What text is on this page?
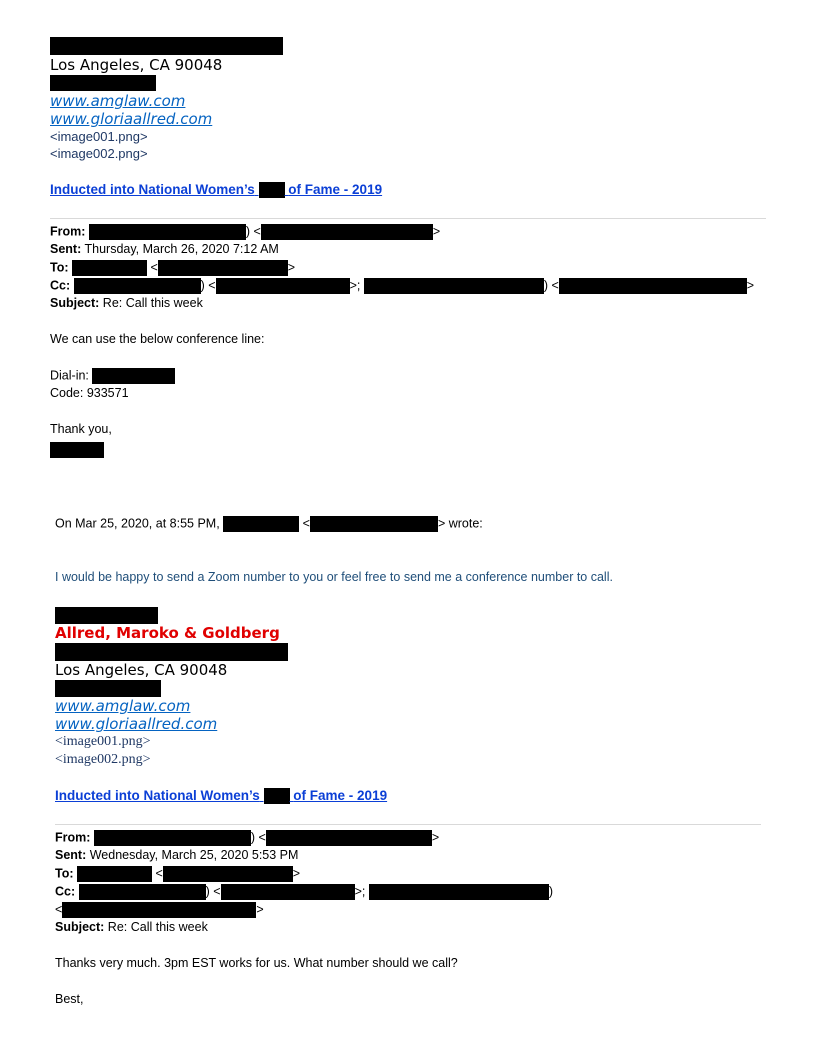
Los Angeles, CA 90048
www.amglaw.com
www.gloriaallred.com
<image001.png>
<image002.png>
Inducted into National Women’s of Fame - 2019
From:	) <	>
Sent: Thursday, March 26, 2020 7:12 AM
To:	<	>
Cc:	) <	>;	) <	>
Subject: Re: Call this week
We can use the below conference line:
Dial-in:
Code: 933571
Thank you,
On Mar 25, 2020, at 8:55 PM,	<	> wrote:
I would be happy to send a Zoom number to you or feel free to send me a conference number to call.
Allred, Maroko & Goldberg
Los Angeles, CA 90048
www.amglaw.com
www.gloriaallred.com
<image001.png>
<image002.png>
Inducted into National Women’s of Fame - 2019
From:	) <	>
Sent: Wednesday, March 25, 2020 5:53 PM
To:	<	>
Cc:	) <	>;	)
<	>
Subject: Re: Call this week
Thanks very much. 3pm EST works for us. What number should we call?
Best,
